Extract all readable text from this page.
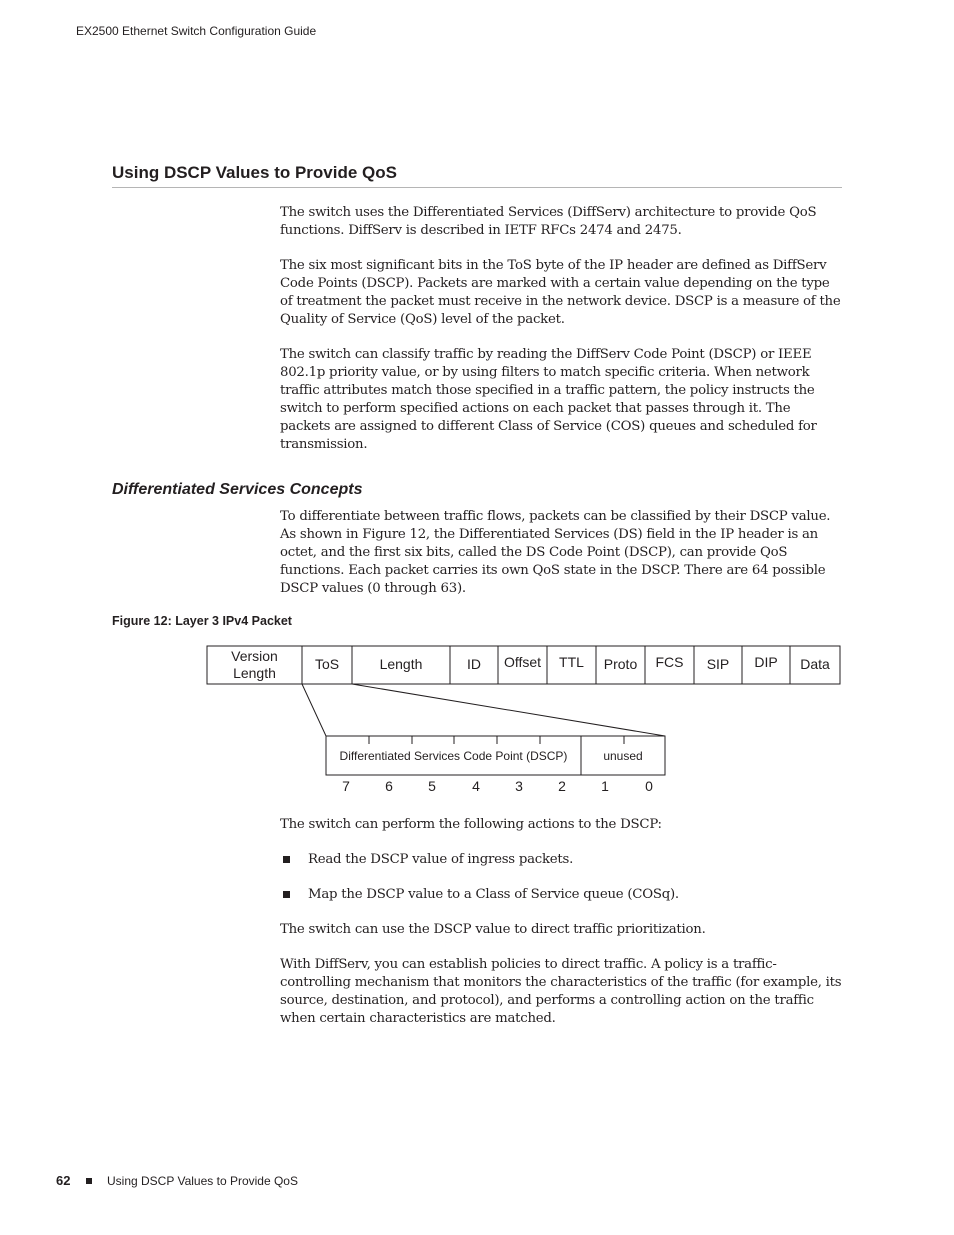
EX2500 Ethernet Switch Configuration Guide
Using DSCP Values to Provide QoS

The switch uses the Differentiated Services (DiffServ) architecture to provide QoS functions. DiffServ is described in IETF RFCs 2474 and 2475.

The six most significant bits in the ToS byte of the IP header are defined as DiffServ Code Points (DSCP). Packets are marked with a certain value depending on the type of treatment the packet must receive in the network device. DSCP is a measure of the Quality of Service (QoS) level of the packet.

The switch can classify traffic by reading the DiffServ Code Point (DSCP) or IEEE 802.1p priority value, or by using filters to match specific criteria. When network traffic attributes match those specified in a traffic pattern, the policy instructs the switch to perform specified actions on each packet that passes through it. The packets are assigned to different Class of Service (COS) queues and scheduled for transmission.

Differentiated Services Concepts

To differentiate between traffic flows, packets can be classified by their DSCP value. As shown in Figure 12, the Differentiated Services (DS) field in the IP header is an octet, and the first six bits, called the DS Code Point (DSCP), can provide QoS functions. Each packet carries its own QoS state in the DSCP. There are 64 possible DSCP values (0 through 63).

Figure 12: Layer 3 IPv4 Packet
Version
Length
ToS	Length	ID Offset TTL Proto FCS SIP DIP Data
Differentiated Services Code Point (DSCP)	unused
7	6	5	4	3	2	1	0

The switch can perform the following actions to the DSCP:

Read the DSCP value of ingress packets.

Map the DSCP value to a Class of Service queue (COSq).

The switch can use the DSCP value to direct traffic prioritization.

With DiffServ, you can establish policies to direct traffic. A policy is a traffic-controlling mechanism that monitors the characteristics of the traffic (for example, its source, destination, and protocol), and performs a controlling action on the traffic when certain characteristics are matched.

62	Using DSCP Values to Provide QoS
